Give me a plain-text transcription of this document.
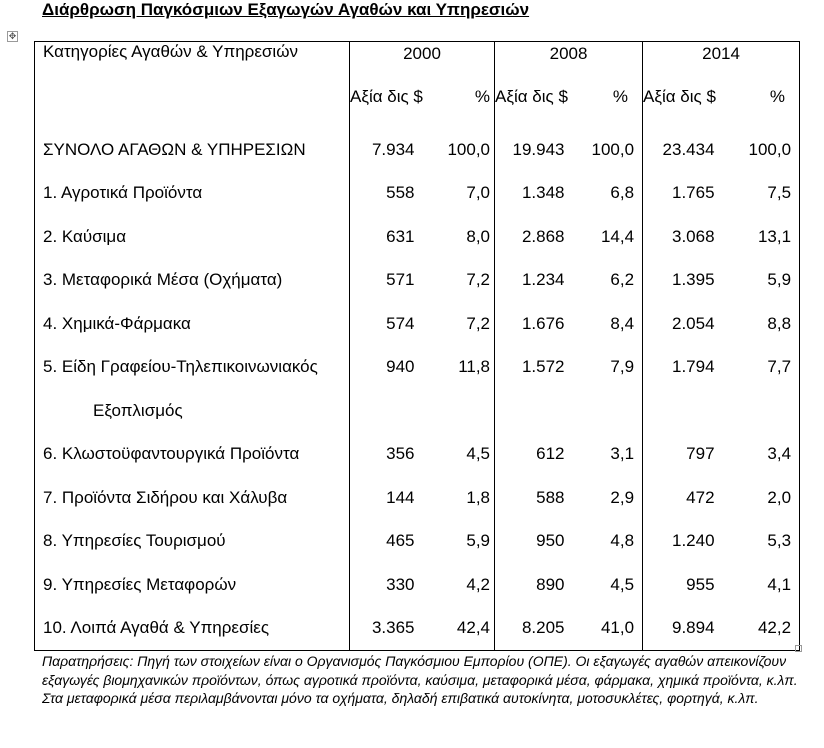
Διάρθρωση Παγκόσμιων Εξαγωγών Αγαθών και Υπηρεσιών
✥
Κατηγορίες Αγαθών & Υπηρεσιών	2000		2008		2014	
	Αξία δις $	%	Αξία δις $	%	Αξία δις $	%
ΣΥΝΟΛΟ ΑΓΑΘΩΝ & ΥΠΗΡΕΣΙΩΝ	7.934	100,0	19.943	100,0	23.434	100,0
1. Αγροτικά Προϊόντα	558	7,0	1.348	6,8	1.765	7,5
2. Καύσιμα	631	8,0	2.868	14,4	3.068	13,1
3. Μεταφορικά Μέσα (Οχήματα)	571	7,2	1.234	6,2	1.395	5,9
4. Χημικά-Φάρμακα	574	7,2	1.676	8,4	2.054	8,8
5. Είδη Γραφείου-Τηλεπικοινωνιακός	940	11,8	1.572	7,9	1.794	7,7
Εξοπλισμός						
6. Κλωστοϋφαντουργικά Προϊόντα	356	4,5	612	3,1	797	3,4
7. Προϊόντα Σιδήρου και Χάλυβα	144	1,8	588	2,9	472	2,0
8. Υπηρεσίες Τουρισμού	465	5,9	950	4,8	1.240	5,3
9. Υπηρεσίες Μεταφορών	330	4,2	890	4,5	955	4,1
10. Λοιπά Αγαθά & Υπηρεσίες	3.365	42,4	8.205	41,0	9.894	42,2
Παρατηρήσεις: Πηγή των στοιχείων είναι ο Οργανισμός Παγκόσμιου Εμπορίου (ΟΠΕ). Οι εξαγωγές αγαθών απεικονίζουν εξαγωγές βιομηχανικών προϊόντων, όπως αγροτικά προϊόντα, καύσιμα, μεταφορικά μέσα, φάρμακα, χημικά προϊόντα, κ.λπ. Στα μεταφορικά μέσα περιλαμβάνονται μόνο τα οχήματα, δηλαδή επιβατικά αυτοκίνητα, μοτοσυκλέτες, φορτηγά, κ.λπ.
